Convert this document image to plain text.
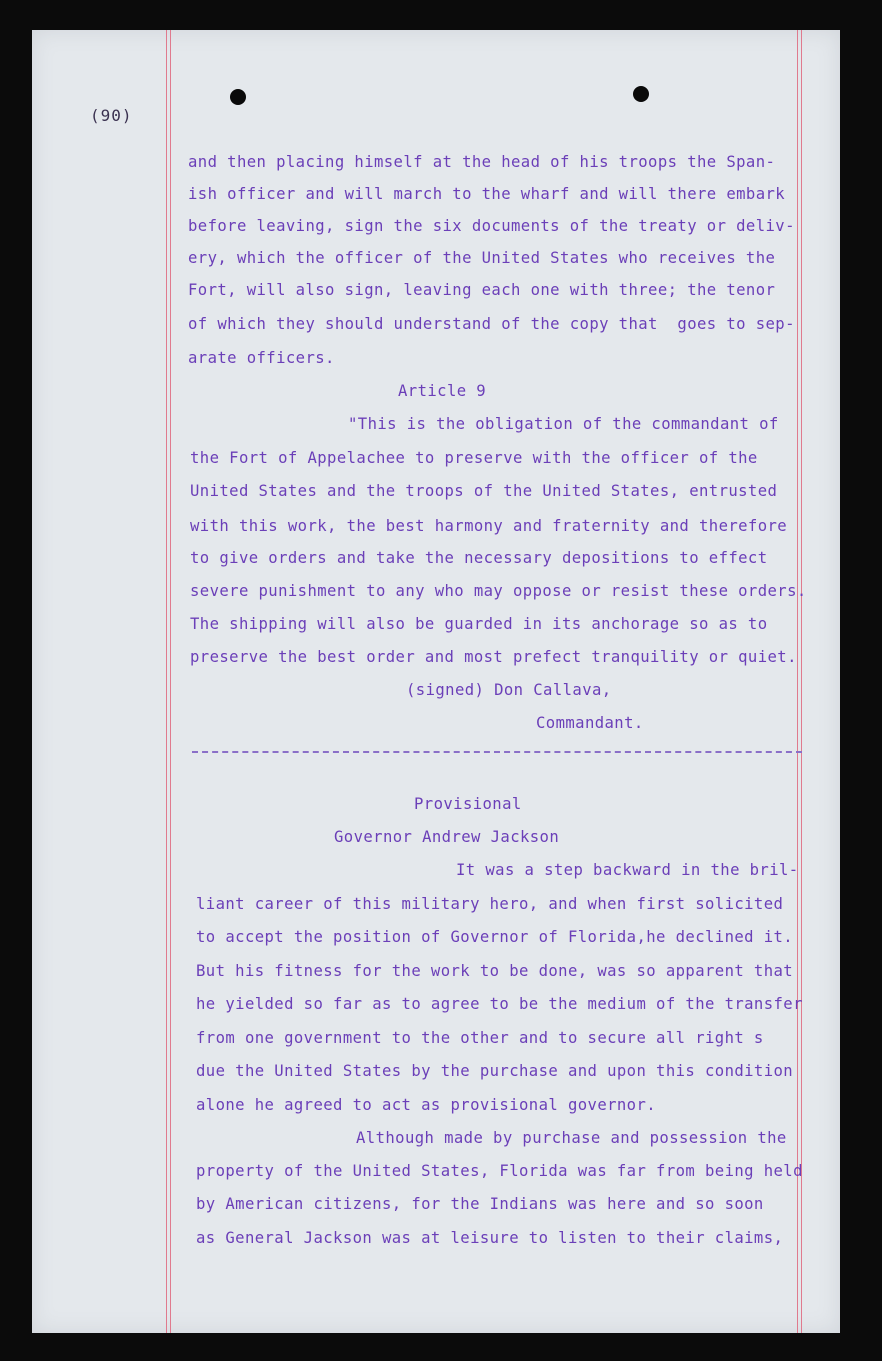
(90)
and then placing himself at the head of his troops the Span-
ish officer and will march to the wharf and will there embark
before leaving, sign the six documents of the treaty or deliv-
ery, which the officer of the United States who receives the
Fort, will also sign, leaving each one with three; the tenor
of which they should understand of the copy that  goes to sep-
arate officers.
Article 9
"This is the obligation of the commandant of
the Fort of Appelachee to preserve with the officer of the
United States and the troops of the United States, entrusted
with this work, the best harmony and fraternity and therefore
to give orders and take the necessary depositions to effect
severe punishment to any who may oppose or resist these orders.
The shipping will also be guarded in its anchorage so as to
preserve the best order and most prefect tranquility or quiet.
(signed) Don Callava,
Commandant.
Provisional
Governor Andrew Jackson
It was a step backward in the bril-
liant career of this military hero, and when first solicited
to accept the position of Governor of Florida,he declined it.
But his fitness for the work to be done, was so apparent that
he yielded so far as to agree to be the medium of the transfer
from one government to the other and to secure all right s
due the United States by the purchase and upon this condition
alone he agreed to act as provisional governor.
Although made by purchase and possession the
property of the United States, Florida was far from being held
by American citizens, for the Indians was here and so soon
as General Jackson was at leisure to listen to their claims,
